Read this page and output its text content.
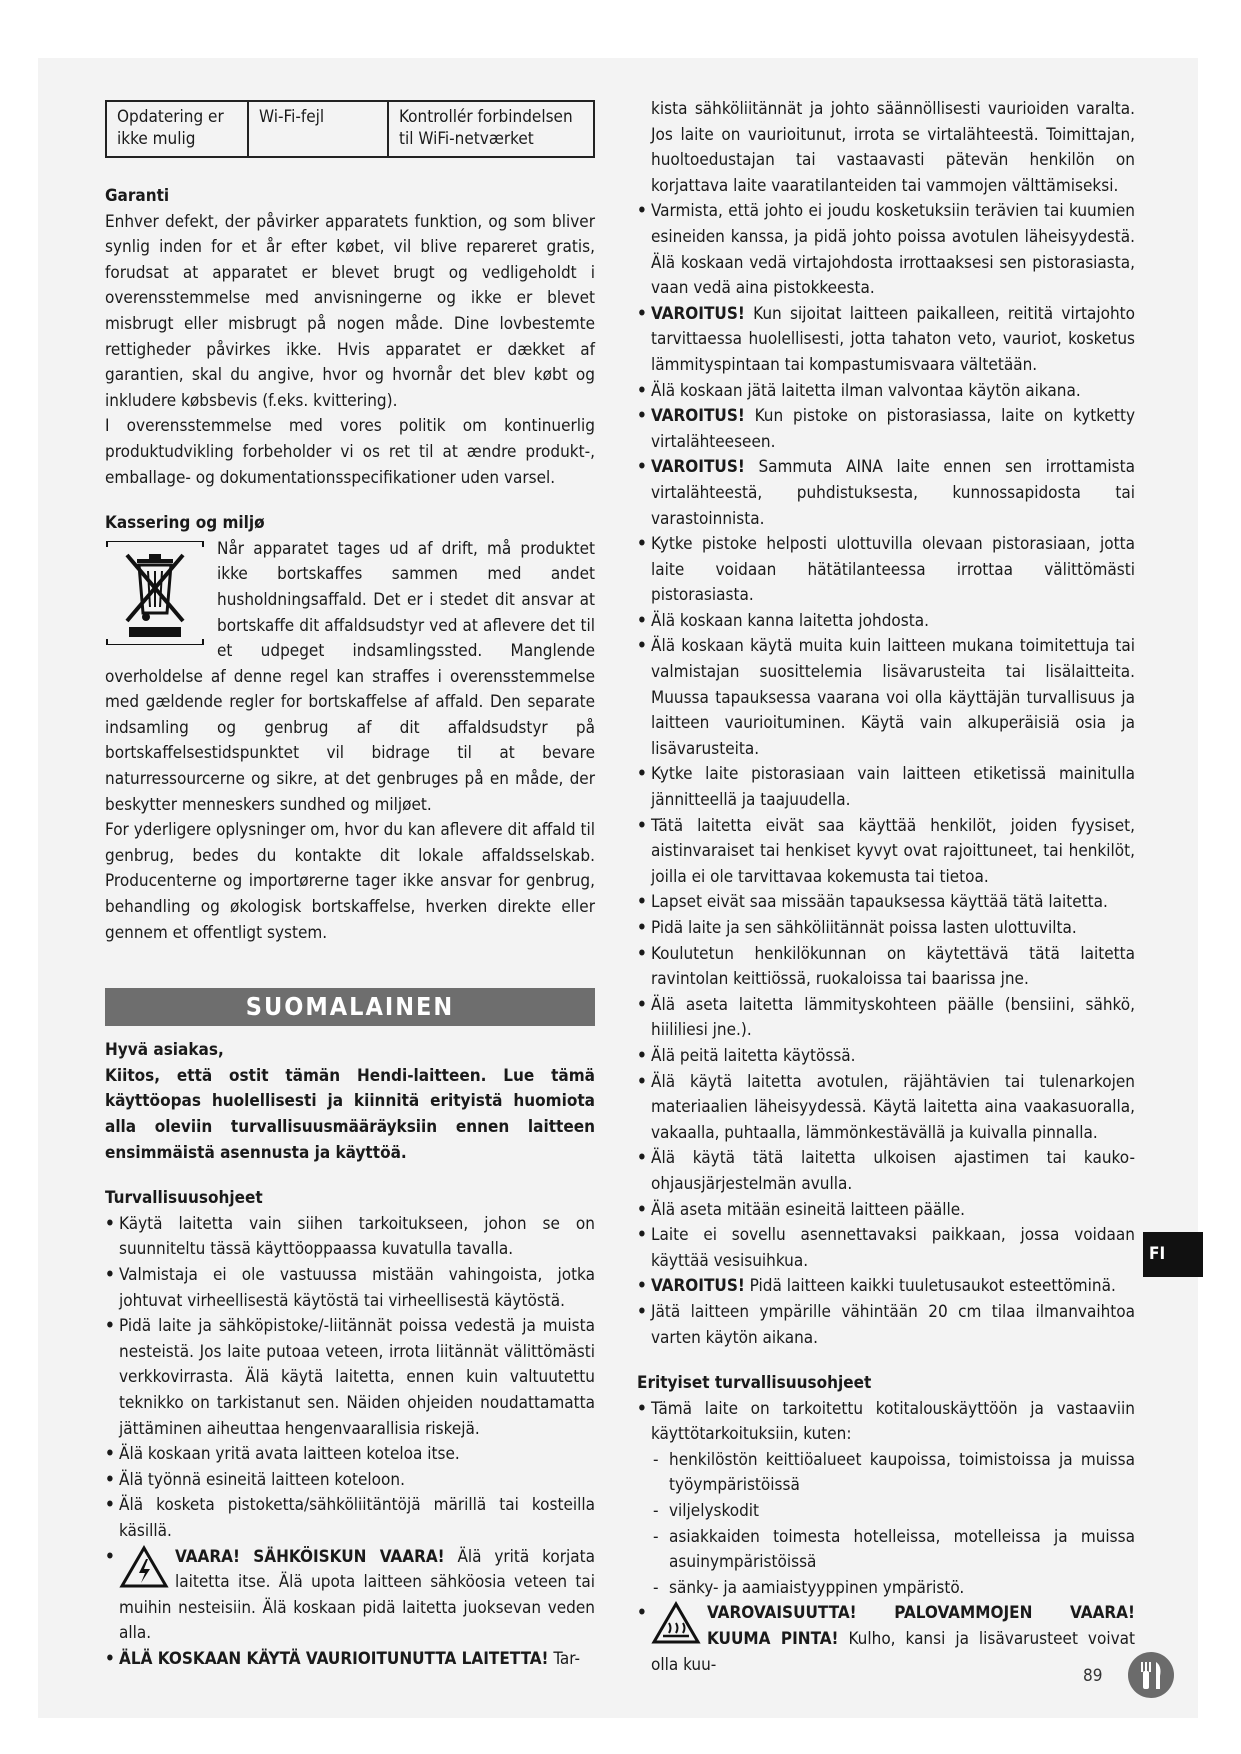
Opdatering er ikke mulig	Wi-Fi-fejl	Kontrollér forbindelsen til WiFi-netværket
Garanti

Enhver defekt, der påvirker apparatets funktion, og som bliver synlig inden for et år efter købet, vil blive repareret gratis, forudsat at apparatet er blevet brugt og vedligeholdt i overensstemmelse med anvisningerne og ikke er blevet misbrugt eller misbrugt på nogen måde. Dine lovbestemte rettigheder påvirkes ikke. Hvis apparatet er dækket af garantien, skal du angive, hvor og hvornår det blev købt og inkludere købsbevis (f.eks. kvittering).

I overensstemmelse med vores politik om kontinuerlig produktudvikling forbeholder vi os ret til at ændre produkt-, emballage- og dokumentationsspecifikationer uden varsel.

Kassering og miljø

Når apparatet tages ud af drift, må produktet ikke bortskaffes sammen med andet husholdningsaffald. Det er i stedet dit ansvar at bortskaffe dit affaldsudstyr ved at aflevere det til et udpeget indsamlingssted. Manglende overholdelse af denne regel kan straffes i overensstemmelse med gældende regler for bortskaffelse af affald. Den separate indsamling og genbrug af dit affaldsudstyr på bortskaffelsestidspunktet vil bidrage til at bevare naturressourcerne og sikre, at det genbruges på en måde, der beskytter menneskers sundhed og miljøet.

For yderligere oplysninger om, hvor du kan aflevere dit affald til genbrug, bedes du kontakte dit lokale affaldsselskab. Producenterne og importørerne tager ikke ansvar for genbrug, behandling og økologisk bortskaffelse, hverken direkte eller gennem et offentligt system.

SUOMALAINEN
Hyvä asiakas,

Kiitos, että ostit tämän Hendi-laitteen. Lue tämä käyttöopas huolellisesti ja kiinnitä erityistä huomiota alla oleviin turvallisuusmääräyksiin ennen laitteen ensimmäistä asennusta ja käyttöä.

Turvallisuusohjeet
• Käytä laitetta vain siihen tarkoitukseen, johon se on suunniteltu tässä käyttöoppaassa kuvatulla tavalla.
• Valmistaja ei ole vastuussa mistään vahingoista, jotka johtuvat virheellisestä käytöstä tai virheellisestä käytöstä.
• Pidä laite ja sähköpistoke/-liitännät poissa vedestä ja muista nesteistä. Jos laite putoaa veteen, irrota liitännät välittömästi verkkovirrasta. Älä käytä laitetta, ennen kuin valtuutettu teknikko on tarkistanut sen. Näiden ohjeiden noudattamatta jättäminen aiheuttaa hengenvaarallisia riskejä.
• Älä koskaan yritä avata laitteen koteloa itse.
• Älä työnnä esineitä laitteen koteloon.
• Älä kosketa pistoketta/sähköliitäntöjä märillä tai kosteilla käsillä.
• VAARA! SÄHKÖISKUN VAARA! Älä yritä korjata laitetta itse. Älä upota laitteen sähköosia veteen tai muihin nesteisiin. Älä koskaan pidä laitetta juoksevan veden alla.
• ÄLÄ KOSKAAN KÄYTÄ VAURIOITUNUTTA LAITETTA! Tar-

kista sähköliitännät ja johto säännöllisesti vaurioiden varalta. Jos laite on vaurioitunut, irrota se virtalähteestä. Toimittajan, huoltoedustajan tai vastaavasti pätevän henkilön on korjattava laite vaaratilanteiden tai vammojen välttämiseksi.

• Varmista, että johto ei joudu kosketuksiin terävien tai kuumien esineiden kanssa, ja pidä johto poissa avotulen läheisyydestä. Älä koskaan vedä virtajohdosta irrottaaksesi sen pistorasiasta, vaan vedä aina pistokkeesta.
• VAROITUS! Kun sijoitat laitteen paikalleen, reititä virtajohto tarvittaessa huolellisesti, jotta tahaton veto, vauriot, kosketus lämmityspintaan tai kompastumisvaara vältetään.
• Älä koskaan jätä laitetta ilman valvontaa käytön aikana.
• VAROITUS! Kun pistoke on pistorasiassa, laite on kytketty virtalähteeseen.
• VAROITUS! Sammuta AINA laite ennen sen irrottamista virtalähteestä, puhdistuksesta, kunnossapidosta tai varastoinnista.
• Kytke pistoke helposti ulottuvilla olevaan pistorasiaan, jotta laite voidaan hätätilanteessa irrottaa välittömästi pistorasiasta.
• Älä koskaan kanna laitetta johdosta.
• Älä koskaan käytä muita kuin laitteen mukana toimitettuja tai valmistajan suosittelemia lisävarusteita tai lisälaitteita. Muussa tapauksessa vaarana voi olla käyttäjän turvallisuus ja laitteen vaurioituminen. Käytä vain alkuperäisiä osia ja lisävarusteita.
• Kytke laite pistorasiaan vain laitteen etiketissä mainitulla jännitteellä ja taajuudella.
• Tätä laitetta eivät saa käyttää henkilöt, joiden fyysiset, aistinvaraiset tai henkiset kyvyt ovat rajoittuneet, tai henkilöt, joilla ei ole tarvittavaa kokemusta tai tietoa.
• Lapset eivät saa missään tapauksessa käyttää tätä laitetta.
• Pidä laite ja sen sähköliitännät poissa lasten ulottuvilta.
• Koulutetun henkilökunnan on käytettävä tätä laitetta ravintolan keittiössä, ruokaloissa tai baarissa jne.
• Älä aseta laitetta lämmityskohteen päälle (bensiini, sähkö, hiililiesi jne.).
• Älä peitä laitetta käytössä.
• Älä käytä laitetta avotulen, räjähtävien tai tulenarkojen materiaalien läheisyydessä. Käytä laitetta aina vaakasuoralla, vakaalla, puhtaalla, lämmönkestävällä ja kuivalla pinnalla.
• Älä käytä tätä laitetta ulkoisen ajastimen tai kauko-ohjausjärjestelmän avulla.
• Älä aseta mitään esineitä laitteen päälle.
• Laite ei sovellu asennettavaksi paikkaan, jossa voidaan käyttää vesisuihkua.
• VAROITUS! Pidä laitteen kaikki tuuletusaukot esteettöminä.
• Jätä laitteen ympärille vähintään 20 cm tilaa ilmanvaihtoa varten käytön aikana.
Erityiset turvallisuusohjeet
• Tämä laite on tarkoitettu kotitalouskäyttöön ja vastaaviin käyttötarkoituksiin, kuten:
- henkilöstön keittiöalueet kaupoissa, toimistoissa ja muissa työympäristöissä
- viljelyskodit
- asiakkaiden toimesta hotelleissa, motelleissa ja muissa asuinympäristöissä
- sänky- ja aamiaistyyppinen ympäristö.
• VAROVAISUUTTA! PALOVAMMOJEN VAARA! KUUMA PINTA! Kulho, kansi ja lisävarusteet voivat olla kuu-
FI
89
